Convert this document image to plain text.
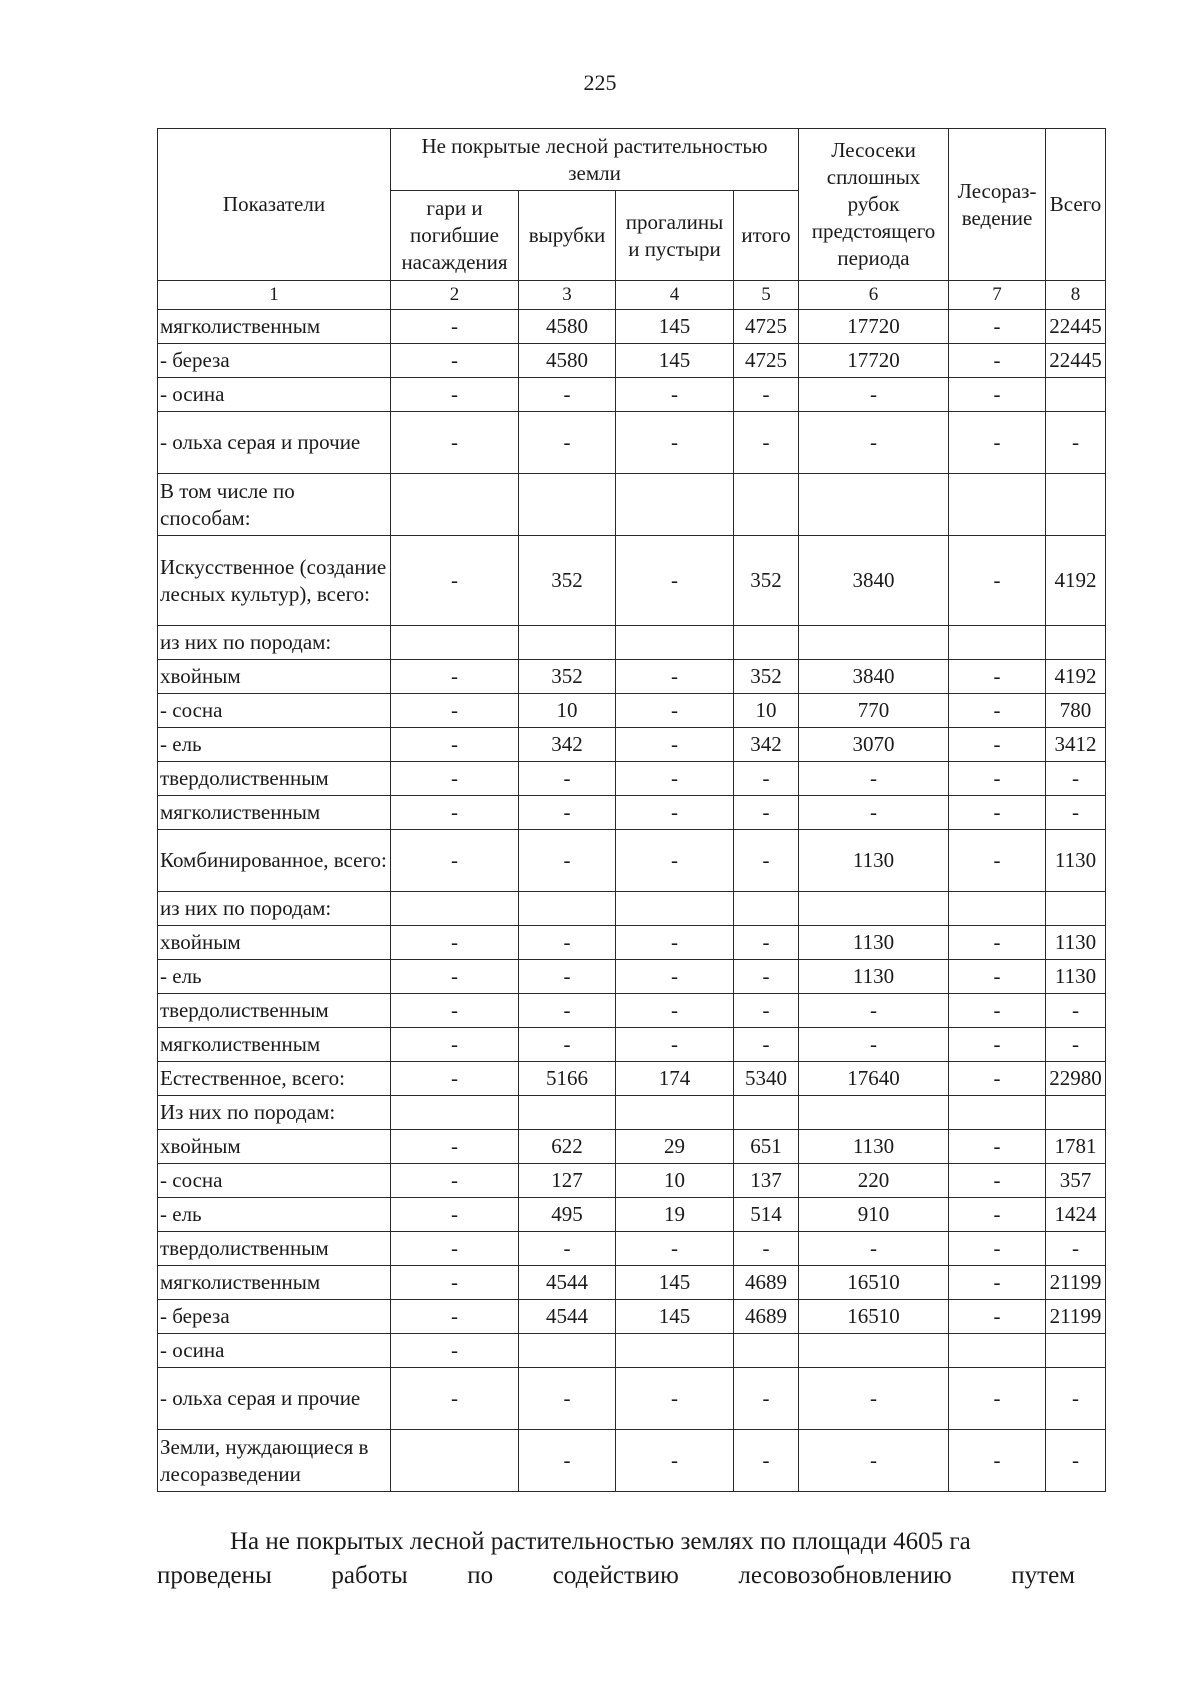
225
Показатели	Не покрытые лесной растительностью земли				Лесосеки сплошных рубок предстоящего периода	Лесораз-ведение	Всего
	гари и погибшие насаждения	вырубки	прогалины и пустыри	итого			
1	2	3	4	5	6	7	8
мягколиственным	-	4580	145	4725	17720	-	22445
- береза	-	4580	145	4725	17720	-	22445
- осина	-	-	-	-	-	-	
- ольха серая и прочие	-	-	-	-	-	-	-
В том числе по способам:							
Искусственное (создание лесных культур), всего:	-	352	-	352	3840	-	4192
из них по породам:							
хвойным	-	352	-	352	3840	-	4192
- сосна	-	10	-	10	770	-	780
- ель	-	342	-	342	3070	-	3412
твердолиственным	-	-	-	-	-	-	-
мягколиственным	-	-	-	-	-	-	-
Комбинированное, всего:	-	-	-	-	1130	-	1130
из них по породам:							
хвойным	-	-	-	-	1130	-	1130
- ель	-	-	-	-	1130	-	1130
твердолиственным	-	-	-	-	-	-	-
мягколиственным	-	-	-	-	-	-	-
Естественное, всего:	-	5166	174	5340	17640	-	22980
Из них по породам:							
хвойным	-	622	29	651	1130	-	1781
- сосна	-	127	10	137	220	-	357
- ель	-	495	19	514	910	-	1424
твердолиственным	-	-	-	-	-	-	-
мягколиственным	-	4544	145	4689	16510	-	21199
- береза	-	4544	145	4689	16510	-	21199
- осина	-						
- ольха серая и прочие	-	-	-	-	-	-	-
Земли, нуждающиеся в лесоразведении		-	-	-	-	-	-
На не покрытых лесной растительностью землях по площади 4605 га
проведены работы по содействию лесовозобновлению путем
